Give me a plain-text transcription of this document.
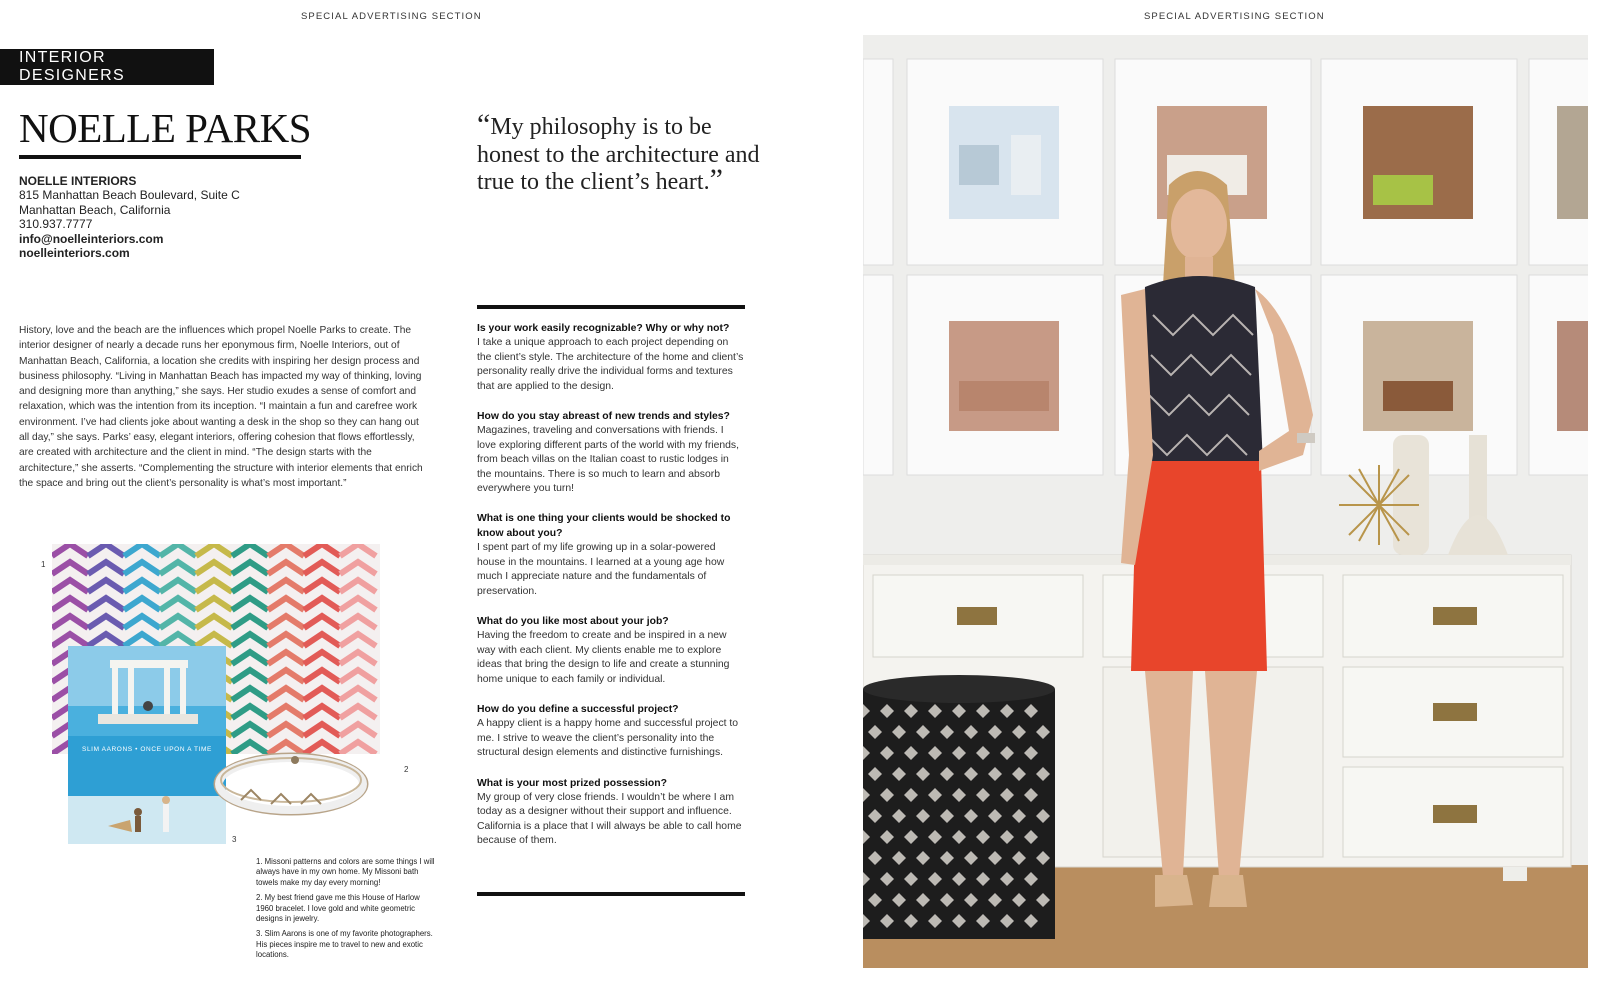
SPECIAL ADVERTISING SECTION	SPECIAL ADVERTISING SECTION
INTERIOR DESIGNERS
NOELLE PARKS
NOELLE INTERIORS
815 Manhattan Beach Boulevard, Suite C
Manhattan Beach, California
310.937.7777
info@noelleinteriors.com
noelleinteriors.com

History, love and the beach are the influences which propel Noelle Parks to create. The interior designer of nearly a decade runs her eponymous firm, Noelle Interiors, out of Manhattan Beach, California, a location she credits with inspiring her design process and business philosophy. “Living in Manhattan Beach has impacted my way of thinking, loving and designing more than anything,” she says. Her studio exudes a sense of comfort and relaxation, which was the intention from its inception. “I maintain a fun and carefree work environment. I’ve had clients joke about wanting a desk in the shop so they can hang out all day,” she says. Parks’ easy, elegant interiors, offering cohesion that flows effortlessly, are created with architecture and the client in mind. “The design starts with the architecture,” she asserts. “Complementing the structure with interior elements that enrich the space and bring out the client’s personality is what’s most important.”

1
SLIM AARONS • ONCE UPON A TIME
2
3

1. Missoni patterns and colors are some things I will always have in my own home. My Missoni bath towels make my day every morning!

2. My best friend gave me this House of Harlow 1960 bracelet. I love gold and white geometric designs in jewelry.

3. Slim Aarons is one of my favorite photographers. His pieces inspire me to travel to new and exotic locations.

“My philosophy is to be honest to the architecture and true to the client’s heart.”

Is your work easily recognizable? Why or why not?
I take a unique approach to each project depending on the client’s style. The architecture of the home and client’s personality really drive the individual forms and textures that are applied to the design.
How do you stay abreast of new trends and styles?
Magazines, traveling and conversations with friends. I love exploring different parts of the world with my friends, from beach villas on the Italian coast to rustic lodges in the mountains. There is so much to learn and absorb everywhere you turn!
What is one thing your clients would be shocked to know about you?
I spent part of my life growing up in a solar-powered house in the mountains. I learned at a young age how much I appreciate nature and the fundamentals of preservation.
What do you like most about your job?
Having the freedom to create and be inspired in a new way with each client. My clients enable me to explore ideas that bring the design to life and create a stunning home unique to each family or individual.
How do you define a successful project?
A happy client is a happy home and successful project to me. I strive to weave the client’s personality into the structural design elements and distinctive furnishings.
What is your most prized possession?
My group of very close friends. I wouldn’t be where I am today as a designer without their support and influence. California is a place that I will always be able to call home because of them.
